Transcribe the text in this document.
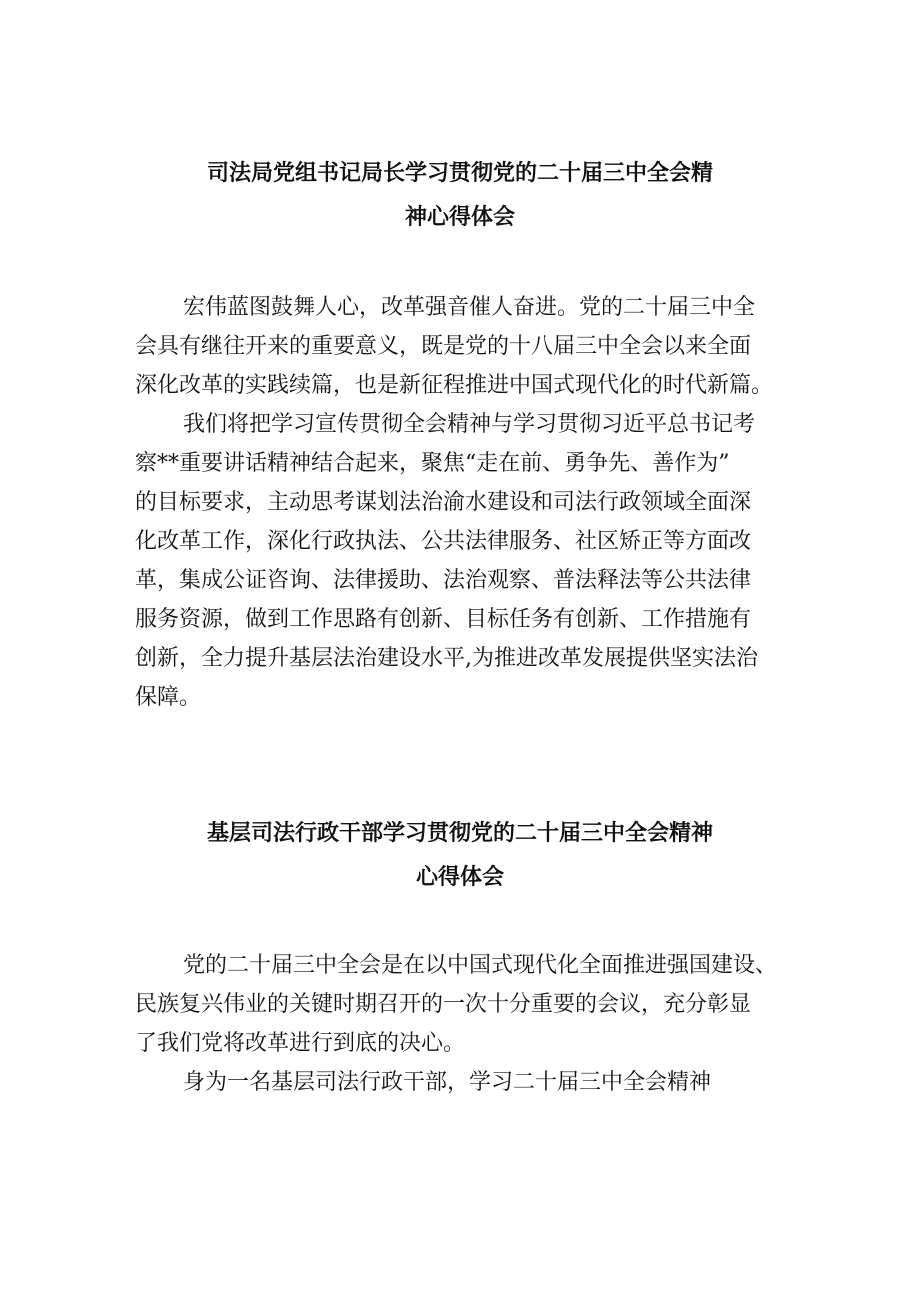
司法局党组书记局长学习贯彻党的二十届三中全会精
神心得体会
宏伟蓝图鼓舞人心，改革强音催人奋进。党的二十届三中全
会具有继往开来的重要意义，既是党的十八届三中全会以来全面
深化改革的实践续篇，也是新征程推进中国式现代化的时代新篇。
我们将把学习宣传贯彻全会精神与学习贯彻习近平总书记考
察**重要讲话精神结合起来，聚焦“走在前、勇争先、善作为”
的目标要求，主动思考谋划法治渝水建设和司法行政领域全面深
化改革工作，深化行政执法、公共法律服务、社区矫正等方面改
革，集成公证咨询、法律援助、法治观察、普法释法等公共法律
服务资源，做到工作思路有创新、目标任务有创新、工作措施有
创新，全力提升基层法治建设水平,为推进改革发展提供坚实法治
保障。
基层司法行政干部学习贯彻党的二十届三中全会精神
心得体会
党的二十届三中全会是在以中国式现代化全面推进强国建设、
民族复兴伟业的关键时期召开的一次十分重要的会议，充分彰显
了我们党将改革进行到底的决心。
身为一名基层司法行政干部，学习二十届三中全会精神
